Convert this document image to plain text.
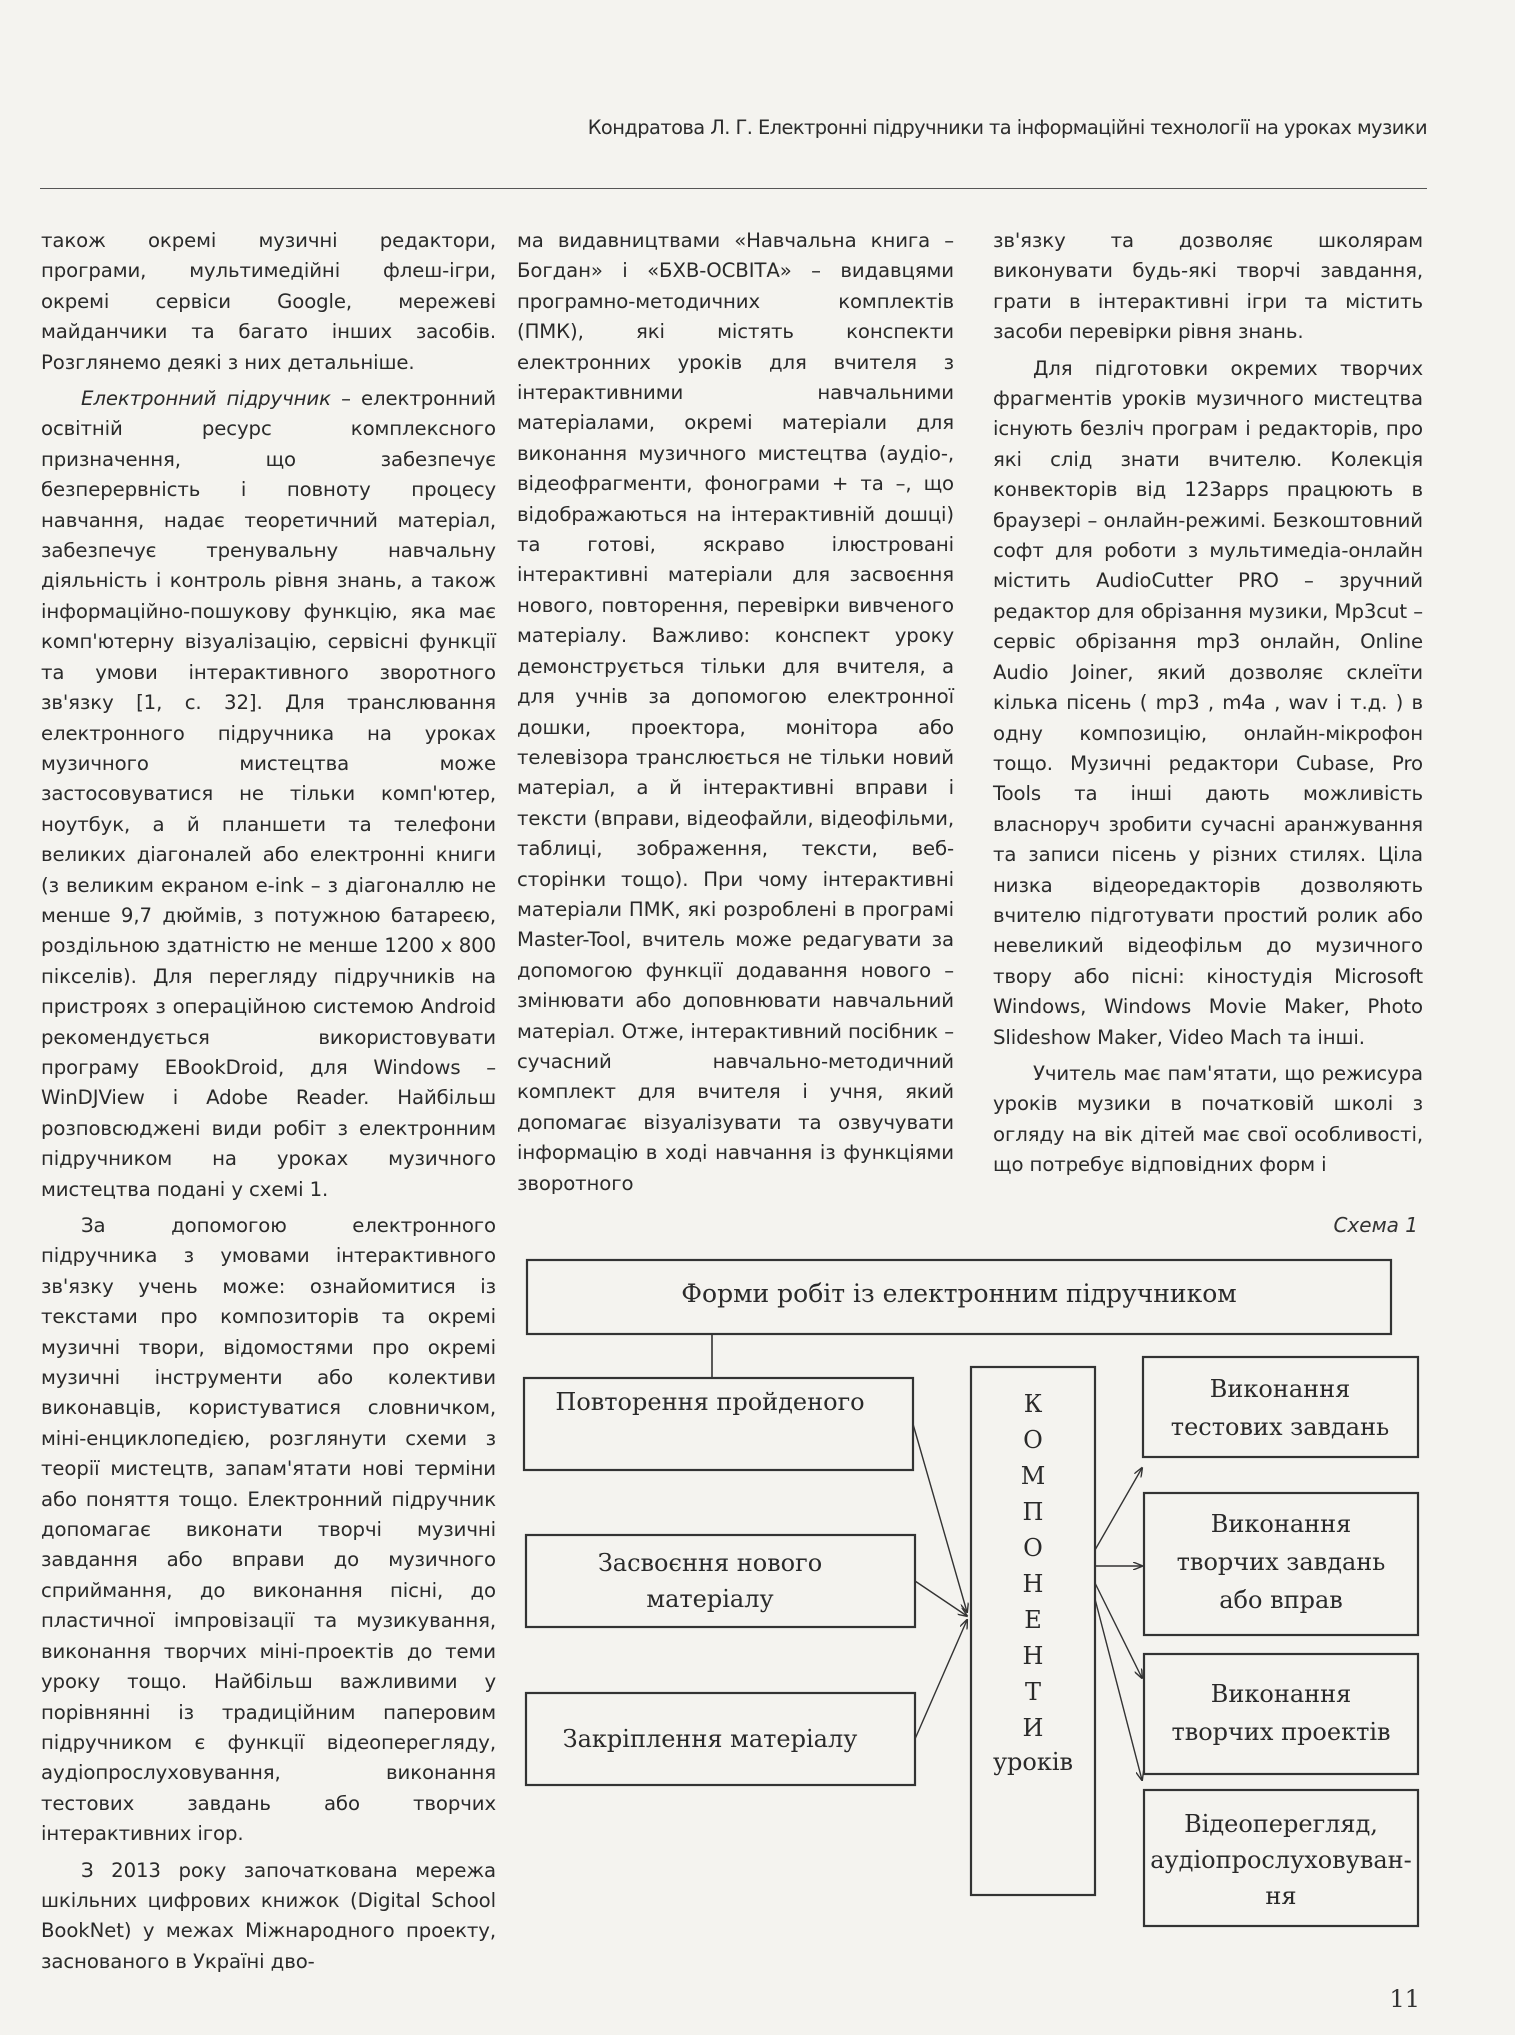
Кондратова Л. Г. Електронні підручники та інформаційні технології на уроках музики

також окремі музичні редактори, програми, мультимедійні флеш-ігри, окремі сервіси Google, мережеві майданчики та багато інших засобів. Розглянемо деякі з них детальніше.

Електронний підручник – електронний освітній ресурс комплексного призначення, що забезпечує безперервність і повноту процесу навчання, надає теоретичний матеріал, забезпечує тренувальну навчальну діяльність і контроль рівня знань, а також інформаційно-пошукову функцію, яка має комп'ютерну візуалізацію, сервісні функції та умови інтерактивного зворотного зв'язку [1, с. 32]. Для транслювання електронного підручника на уроках музичного мистецтва може застосовуватися не тільки комп'ютер, ноутбук, а й планшети та телефони великих діагоналей або електронні книги (з великим екраном e-ink – з діагоналлю не менше 9,7 дюймів, з потужною батареєю, роздільною здатністю не менше 1200 х 800 пікселів). Для перегляду підручників на пристроях з операційною системою Android рекомендується використовувати програму EBookDroid, для Windows – WinDJView і Adobe Reader. Найбільш розповсюджені види робіт з електронним підручником на уроках музичного мистецтва подані у схемі 1.

За допомогою електронного підручника з умовами інтерактивного зв'язку учень може: ознайомитися із текстами про композиторів та окремі музичні твори, відомостями про окремі музичні інструменти або колективи виконавців, користуватися словничком, міні-енциклопедією, розглянути схеми з теорії мистецтв, запам'ятати нові терміни або поняття тощо. Електронний підручник допомагає виконати творчі музичні завдання або вправи до музичного сприймання, до виконання пісні, до пластичної імпровізації та музикування, виконання творчих міні-проектів до теми уроку тощо. Найбільш важливими у порівнянні із традиційним паперовим підручником є функції відеоперегляду, аудіопрослуховування, виконання тестових завдань або творчих інтерактивних ігор.

З 2013 року започаткована мережа шкільних цифрових книжок (Digital School BookNet) у межах Міжнародного проекту, заснованого в Україні дво-

ма видавництвами «Навчальна книга – Богдан» і «БХВ-ОСВІТА» – видавцями програмно-методичних комплектів (ПМК), які містять конспекти електронних уроків для вчителя з інтерактивними навчальними матеріалами, окремі матеріали для виконання музичного мистецтва (аудіо-, відеофрагменти, фонограми + та –, що відображаються на інтерактивній дошці) та готові, яскраво ілюстровані інтерактивні матеріали для засвоєння нового, повторення, перевірки вивченого матеріалу. Важливо: конспект уроку демонструється тільки для вчителя, а для учнів за допомогою електронної дошки, проектора, монітора або телевізора транслюється не тільки новий матеріал, а й інтерактивні вправи і тексти (вправи, відеофайли, відеофільми, таблиці, зображення, тексти, веб-сторінки тощо). При чому інтерактивні матеріали ПМК, які розроблені в програмі Master-Tool, вчитель може редагувати за допомогою функції додавання нового – змінювати або доповнювати навчальний матеріал. Отже, інтерактивний посібник – сучасний навчально-методичний комплект для вчителя і учня, який допомагає візуалізувати та озвучувати інформацію в ході навчання із функціями зворотного

зв'язку та дозволяє школярам виконувати будь-які творчі завдання, грати в інтерактивні ігри та містить засоби перевірки рівня знань.

Для підготовки окремих творчих фрагментів уроків музичного мистецтва існують безліч програм і редакторів, про які слід знати вчителю. Колекція конвекторів від 123apps працюють в браузері – онлайн-режимі. Безкоштовний софт для роботи з мультимедіа-онлайн містить AudioCutter PRO – зручний редактор для обрізання музики, Mp3cut – сервіс обрізання mp3 онлайн, Online Audio Joiner, який дозволяє склеїти кілька пісень ( mp3 , m4a , wav і т.д. ) в одну композицію, онлайн-мікрофон тощо. Музичні редактори Cubase, Pro Tools та інші дають можливість власноруч зробити сучасні аранжування та записи пісень у різних стилях. Ціла низка відеоредакторів дозволяють вчителю підготувати простий ролик або невеликий відеофільм до музичного твору або пісні: кіностудія Microsoft Windows, Windows Movie Maker, Photo Slideshow Maker, Video Mach та інші.

Учитель має пам'ятати, що режисура уроків музики в початковій школі з огляду на вік дітей має свої особливості, що потребує відповідних форм і

Схема 1
Форми робіт із електронним підручником
Повторення пройденого
Засвоєння нового
матеріалу
Закріплення матеріалу
К
О
М
П
О
Н
Е
Н
Т
И
уроків
Виконання
тестових завдань
Виконання
творчих завдань
або вправ
Виконання
творчих проектів
Відеоперегляд,
аудіопрослуховуван-
ня
11
